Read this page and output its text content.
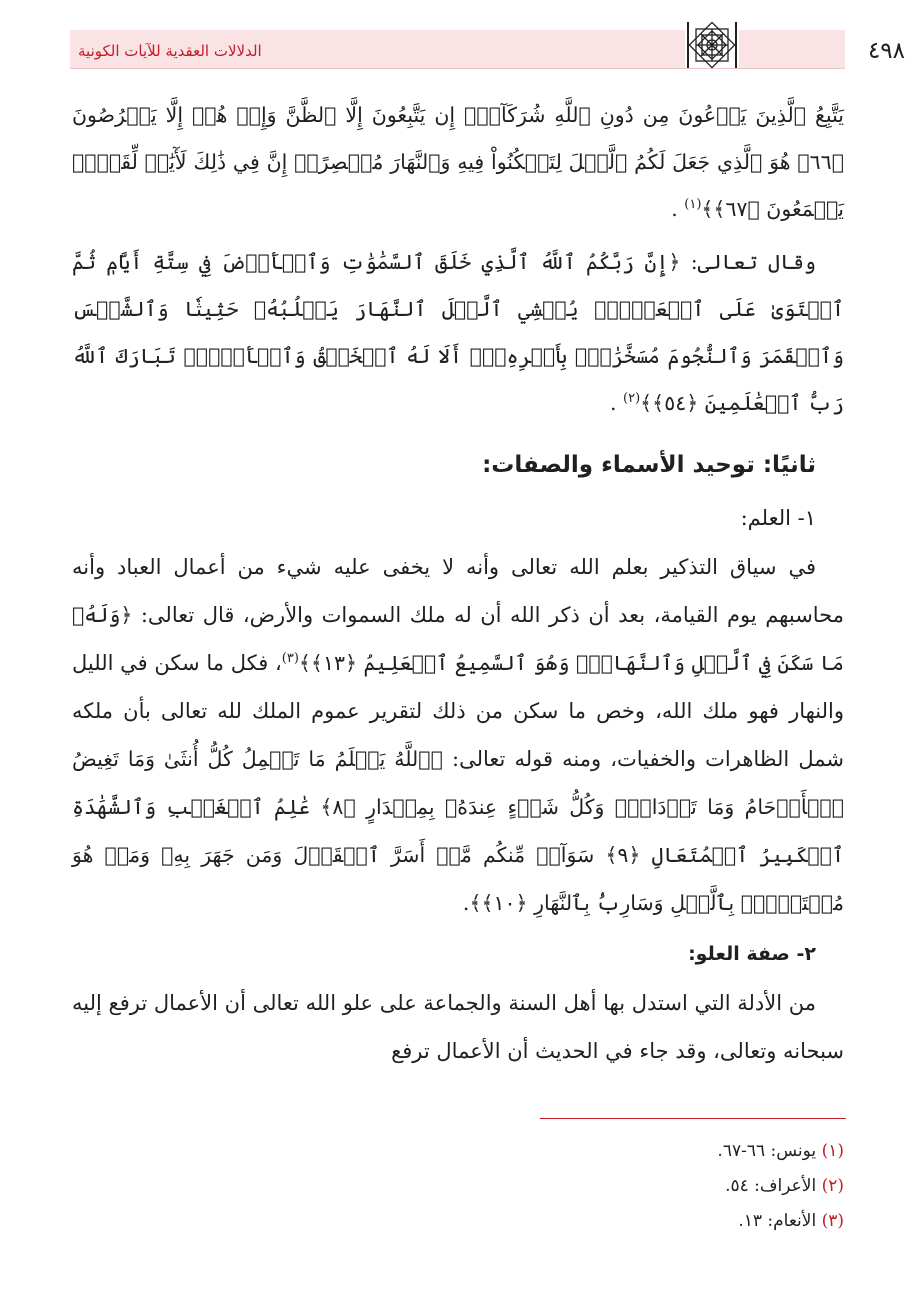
٤٩٨
الدلالات العقدية للآيات الكونية

يَتَّبِعُ ٱلَّذِينَ يَدۡعُونَ مِن دُونِ ٱللَّهِ شُرَكَآءَۚ إِن يَتَّبِعُونَ إِلَّا ٱلظَّنَّ وَإِنۡ هُمۡ إِلَّا يَخۡرُصُونَ ﴿٦٦﴾ هُوَ ٱلَّذِي جَعَلَ لَكُمُ ٱلَّيۡلَ لِتَسۡكُنُواْ فِيهِ وَٱلنَّهَارَ مُبۡصِرًاۚ إِنَّ فِي ذَٰلِكَ لَأٓيَٰتٖ لِّقَوۡمٖ يَسۡمَعُونَ ﴿٦٧﴾﴾$^{(١)}$ .

وقال تعالى: ﴿إِنَّ رَبَّكُمُ ٱللَّهُ ٱلَّذِي خَلَقَ ٱلسَّمَٰوَٰتِ وَٱلۡأَرۡضَ فِي سِتَّةِ أَيَّامٖ ثُمَّ ٱسۡتَوَىٰ عَلَى ٱلۡعَرۡشِۖ يُغۡشِي ٱلَّيۡلَ ٱلنَّهَارَ يَطۡلُبُهُۥ حَثِيثٗا وَٱلشَّمۡسَ وَٱلۡقَمَرَ وَٱلنُّجُومَ مُسَخَّرَٰتِۭ بِأَمۡرِهِۦٓۗ أَلَا لَهُ ٱلۡخَلۡقُ وَٱلۡأَمۡرُۗ تَبَارَكَ ٱللَّهُ رَبُّ ٱلۡعَٰلَمِينَ ﴿٥٤﴾﴾$^{(٢)}$ .

ثانيًا: توحيد الأسماء والصفات:

١- العلم:

في سياق التذكير بعلم الله تعالى وأنه لا يخفى عليه شيء من أعمال العباد وأنه محاسبهم يوم القيامة، بعد أن ذكر الله أن له ملك السموات والأرض، قال تعالى: ﴿وَلَهُۥ مَا سَكَنَ فِي ٱلَّيۡلِ وَٱلنَّهَارِۚ وَهُوَ ٱلسَّمِيعُ ٱلۡعَلِيمُ ﴿١٣﴾﴾$^{(٣)}$، فكل ما سكن في الليل والنهار فهو ملك الله، وخص ما سكن من ذلك لتقرير عموم الملك لله تعالى بأن ملكه شمل الظاهرات والخفيات، ومنه قوله تعالى: ﴿ٱللَّهُ يَعۡلَمُ مَا تَحۡمِلُ كُلُّ أُنثَىٰ وَمَا تَغِيضُ ٱلۡأَرۡحَامُ وَمَا تَزۡدَادُۖ وَكُلُّ شَيۡءٍ عِندَهُۥ بِمِقۡدَارٍ ﴿٨﴾ عَٰلِمُ ٱلۡغَيۡبِ وَٱلشَّهَٰدَةِ ٱلۡكَبِيرُ ٱلۡمُتَعَالِ ﴿٩﴾ سَوَآءٞ مِّنكُم مَّنۡ أَسَرَّ ٱلۡقَوۡلَ وَمَن جَهَرَ بِهِۦ وَمَنۡ هُوَ مُسۡتَخۡفِۭ بِٱلَّيۡلِ وَسَارِبُۢ بِٱلنَّهَارِ ﴿١٠﴾﴾.

٢- صفة العلو:

من الأدلة التي استدل بها أهل السنة والجماعة على علو الله تعالى أن الأعمال ترفع إليه سبحانه وتعالى، وقد جاء في الحديث أن الأعمال ترفع

(١) يونس: ٦٦-٦٧.

(٢) الأعراف: ٥٤.

(٣) الأنعام: ١٣.
